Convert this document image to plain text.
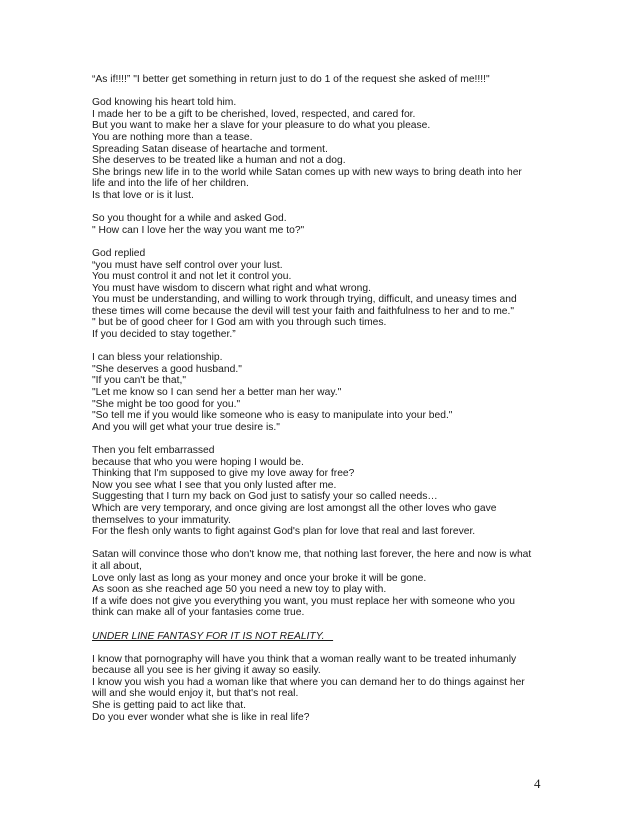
“As if!!!!” "I better get something in return just to do 1 of the request she asked of me!!!!"

God knowing his heart told him.
I made her to be a gift to be cherished, loved, respected, and cared for.
But you want to make her a slave for your pleasure to do what you please.
You are nothing more than a tease.
Spreading Satan disease of heartache and torment.
She deserves to be treated like a human and not a dog.
She brings new life in to the world while Satan comes up with new ways to bring death into her
life and into the life of her children.
Is that love or is it lust.

So you thought for a while and asked God.
" How can I love her the way you want me to?"

God replied
“you must have self control over your lust.
You must control it and not let it control you.
You must have wisdom to discern what right and what wrong.
You must be understanding, and willing to work through trying, difficult, and uneasy times and
these times will come because the devil will test your faith and faithfulness to her and to me."
" but be of good cheer for I God am with you through such times.
If you decided to stay together.”

I can bless your relationship.
"She deserves a good husband."
"If you can't be that,"
"Let me know so I can send her a better man her way."
"She might be too good for you."
"So tell me if you would like someone who is easy to manipulate into your bed."
And you will get what your true desire is."

Then you felt embarrassed
because that who you were hoping I would be.
Thinking that I'm supposed to give my love away for free?
Now you see what I see that you only lusted after me.
Suggesting that I turn my back on God just to satisfy your so called needs…
Which are very temporary, and once giving are lost amongst all the other loves who gave
themselves to your immaturity.
For the flesh only wants to fight against God's plan for love that real and last forever.

Satan will convince those who don't know me, that nothing last forever, the here and now is what
it all about,
Love only last as long as your money and once your broke it will be gone.
As soon as she reached age 50 you need a new toy to play with.
If a wife does not give you everything you want, you must replace her with someone who you
think can make all of your fantasies come true.

UNDER LINE FANTASY FOR IT IS NOT REALITY.

I know that pornography will have you think that a woman really want to be treated inhumanly
because all you see is her giving it away so easily.
I know you wish you had a woman like that where you can demand her to do things against her
will and she would enjoy it, but that's not real.
She is getting paid to act like that.
Do you ever wonder what she is like in real life?

4
